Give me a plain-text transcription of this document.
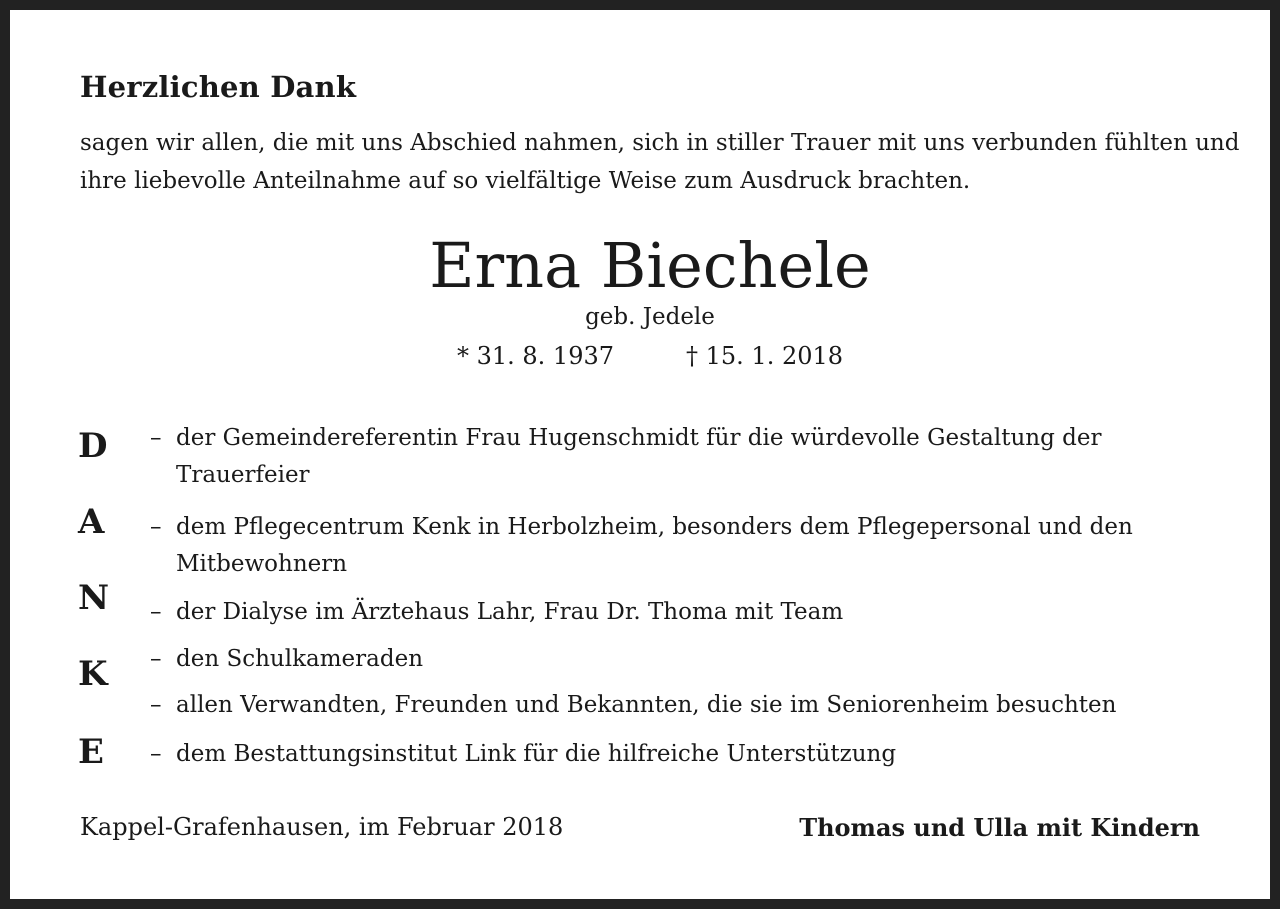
Herzlichen Dank
sagen wir allen, die mit uns Abschied nahmen, sich in stiller Trauer mit uns verbunden fühlten und ihre liebevolle Anteilnahme auf so vielfältige Weise zum Ausdruck brachten.
Erna Biechele
geb. Jedele
* 31. 8. 1937	† 15. 1. 2018
D
A
N
K
E
– der Gemeindereferentin Frau Hugenschmidt für die würdevolle Gestaltung der Trauerfeier
– dem Pflegecentrum Kenk in Herbolzheim, besonders dem Pflegepersonal und den Mitbewohnern
– der Dialyse im Ärztehaus Lahr, Frau Dr. Thoma mit Team
– den Schulkameraden
– allen Verwandten, Freunden und Bekannten, die sie im Seniorenheim besuchten
– dem Bestattungsinstitut Link für die hilfreiche Unterstützung
Kappel-Grafenhausen, im Februar 2018	Thomas und Ulla mit Kindern
